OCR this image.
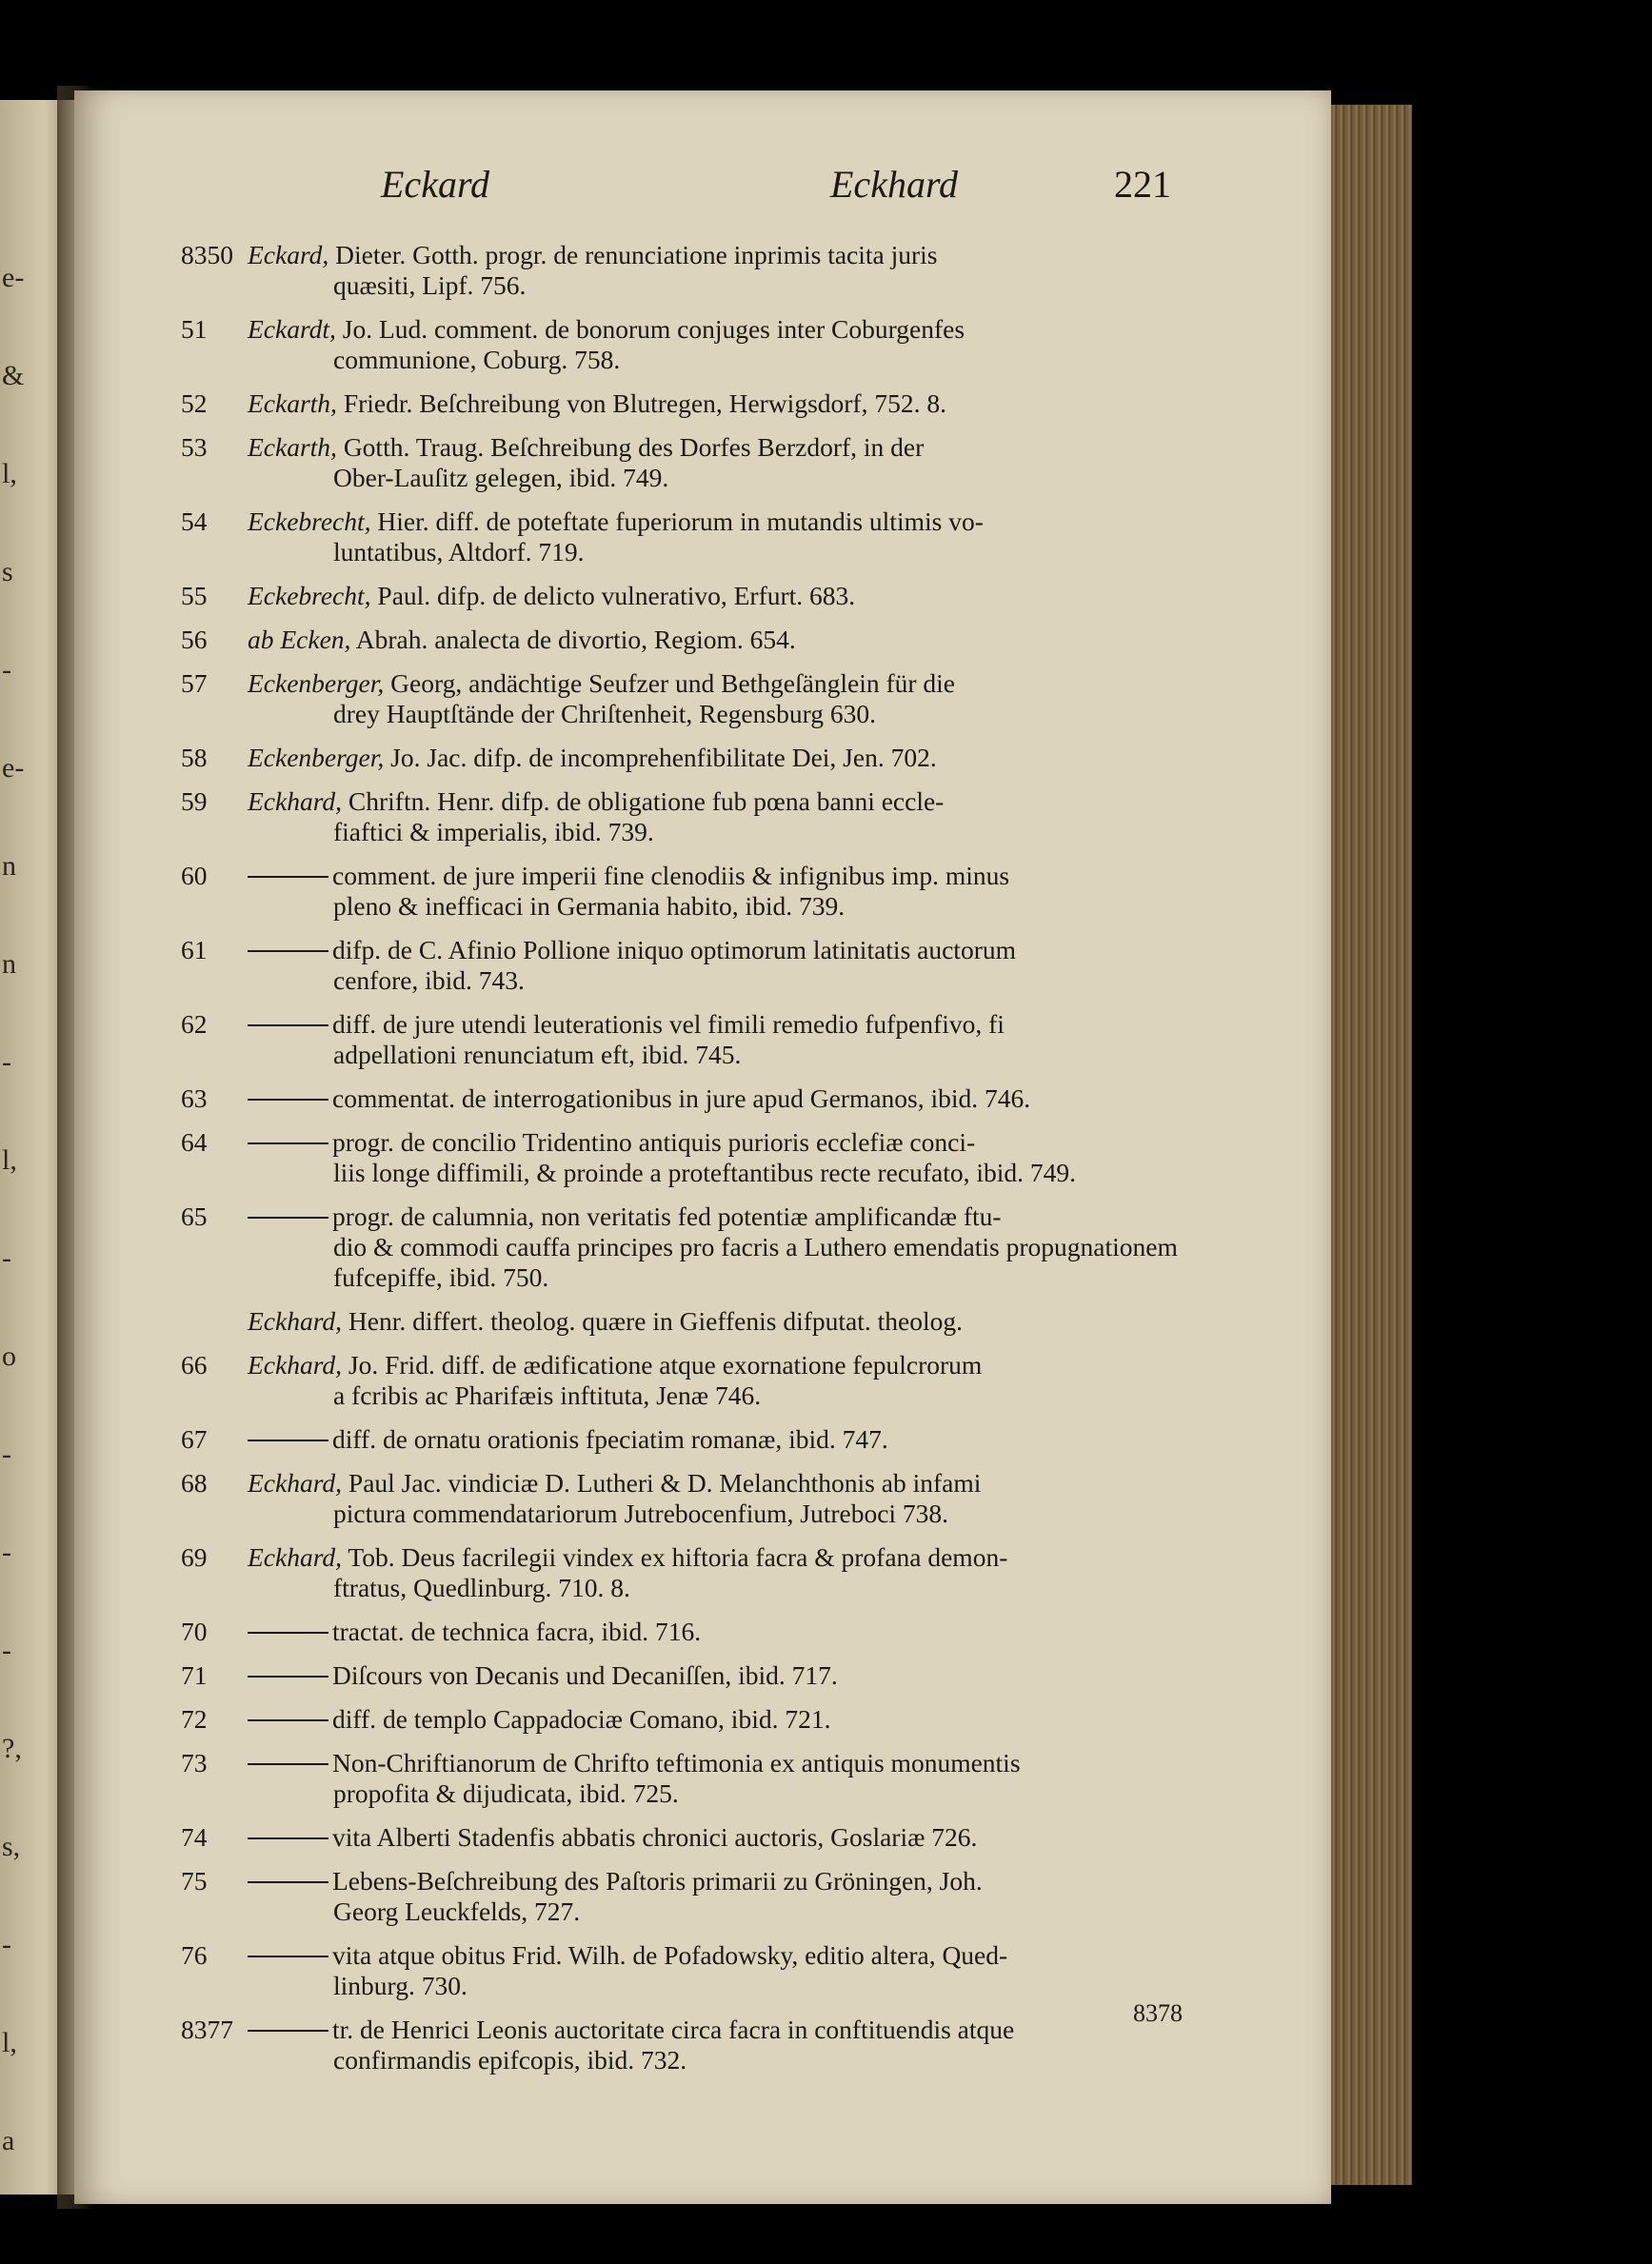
e-
&
l,
s
-
e-
n
n
-
l,
-
o
-
-
-
?,
s,
-
l,
a
Eckard	Eckhard	221
8350 Eckard, Dieter. Gotth. progr. de renunciatione inprimis tacita juris
quæsiti, Lipf. 756.
51	Eckardt, Jo. Lud. comment. de bonorum conjuges inter Coburgenfes
communione, Coburg. 758.
52	Eckarth, Friedr. Beſchreibung von Blutregen, Herwigsdorf, 752. 8.
53	Eckarth, Gotth. Traug. Beſchreibung des Dorfes Berzdorf, in der
Ober-Lauſitz gelegen, ibid. 749.
54	Eckebrecht, Hier. diff. de poteftate fuperiorum in mutandis ultimis vo-
luntatibus, Altdorf. 719.
55	Eckebrecht, Paul. difp. de delicto vulnerativo, Erfurt. 683.
56	ab Ecken, Abrah. analecta de divortio, Regiom. 654.
57	Eckenberger, Georg, andächtige Seufzer und Bethgeſänglein für die
drey Hauptſtände der Chriſtenheit, Regensburg 630.
58	Eckenberger, Jo. Jac. difp. de incomprehenfibilitate Dei, Jen. 702.
59	Eckhard, Chriftn. Henr. difp. de obligatione fub pœna banni eccle-
fiaftici & imperialis, ibid. 739.
60	comment. de jure imperii fine clenodiis & infignibus imp. minus
pleno & inefficaci in Germania habito, ibid. 739.
61	difp. de C. Afinio Pollione iniquo optimorum latinitatis auctorum
cenfore, ibid. 743.
62	diff. de jure utendi leuterationis vel fimili remedio fufpenfivo, fi
adpellationi renunciatum eft, ibid. 745.
63	commentat. de interrogationibus in jure apud Germanos, ibid. 746.
64	progr. de concilio Tridentino antiquis purioris ecclefiæ conci-
liis longe diffimili, & proinde a proteftantibus recte recufato, ibid. 749.
65	progr. de calumnia, non veritatis fed potentiæ amplificandæ ftu-
dio & commodi cauffa principes pro facris a Luthero emendatis propugnationem fufcepiffe, ibid. 750.
Eckhard, Henr. differt. theolog. quære in Gieffenis difputat. theolog.
66	Eckhard, Jo. Frid. diff. de ædificatione atque exornatione fepulcrorum
a fcribis ac Pharifæis inftituta, Jenæ 746.
67	diff. de ornatu orationis fpeciatim romanæ, ibid. 747.
68	Eckhard, Paul Jac. vindiciæ D. Lutheri & D. Melanchthonis ab infami
pictura commendatariorum Jutrebocenfium, Jutreboci 738.
69	Eckhard, Tob. Deus facrilegii vindex ex hiftoria facra & profana demon-
ftratus, Quedlinburg. 710. 8.
70	tractat. de technica facra, ibid. 716.
71	Diſcours von Decanis und Decaniſſen, ibid. 717.
72	diff. de templo Cappadociæ Comano, ibid. 721.
73	Non-Chriftianorum de Chrifto teftimonia ex antiquis monumentis
propofita & dijudicata, ibid. 725.
74	vita Alberti Stadenfis abbatis chronici auctoris, Goslariæ 726.
75	Lebens-Beſchreibung des Paſtoris primarii zu Gröningen, Joh.
Georg Leuckfelds, 727.
76	vita atque obitus Frid. Wilh. de Pofadowsky, editio altera, Qued-
linburg. 730.
8377	tr. de Henrici Leonis auctoritate circa facra in conftituendis atque
confirmandis epifcopis, ibid. 732.
8378
